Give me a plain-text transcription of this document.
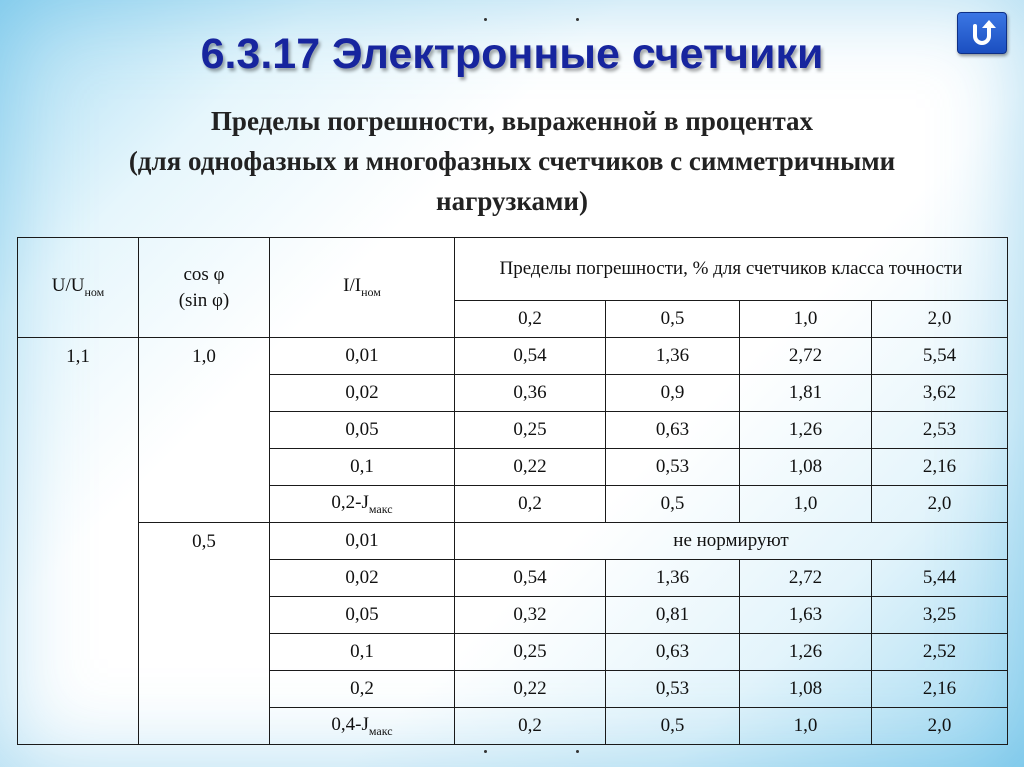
6.3.17 Электронные счетчики
Пределы погрешности, выраженной в процентах
(для однофазных и многофазных счетчиков с симметричными
нагрузками)
$U/U_{ном}$	cos φ
(sin φ)	$I/I_{ном}$	Пределы погрешности, % для счетчиков класса точности			
			0,2	0,5	1,0	2,0
1,1	1,0	0,01	0,54	1,36	2,72	5,54
		0,02	0,36	0,9	1,81	3,62
		0,05	0,25	0,63	1,26	2,53
		0,1	0,22	0,53	1,08	2,16
		$0,2-J_{макс}$	0,2	0,5	1,0	2,0
	0,5	0,01	не нормируют			
		0,02	0,54	1,36	2,72	5,44
		0,05	0,32	0,81	1,63	3,25
		0,1	0,25	0,63	1,26	2,52
		0,2	0,22	0,53	1,08	2,16
		$0,4-J_{макс}$	0,2	0,5	1,0	2,0
